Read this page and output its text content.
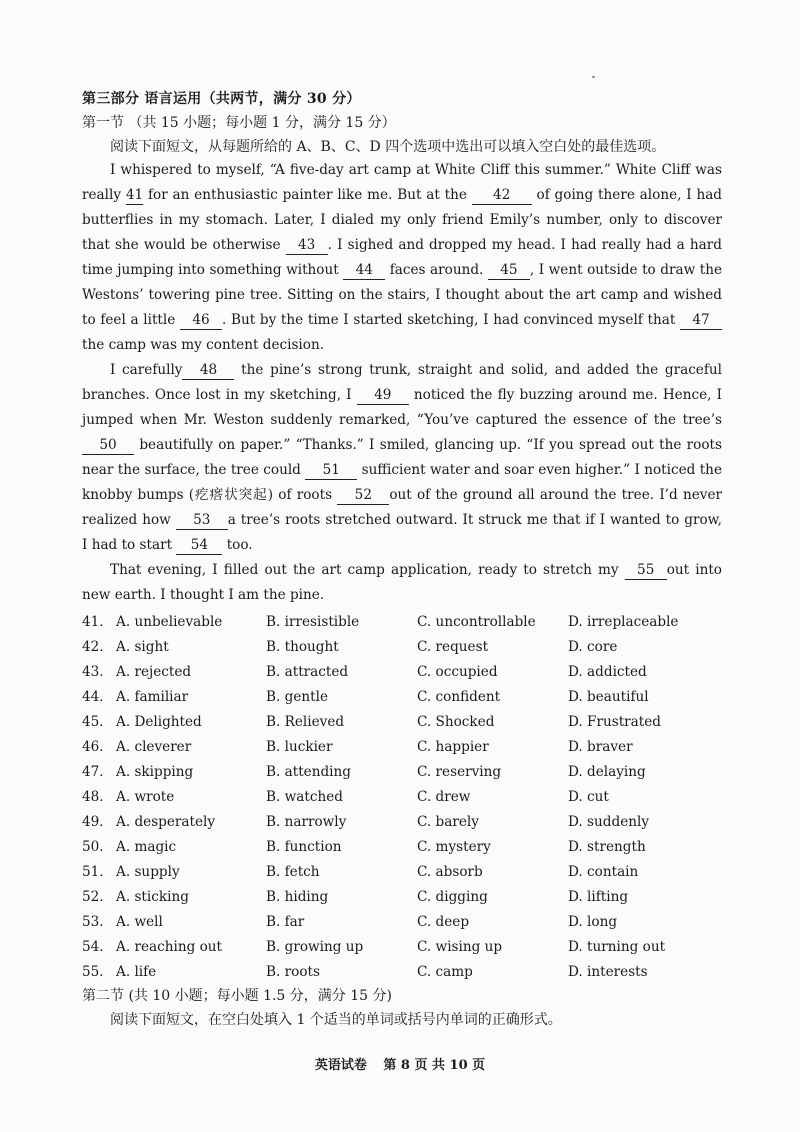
第三部分 语言运用（共两节，满分 30 分）

第一节 （共 15 小题；每小题 1 分，满分 15 分）

阅读下面短文，从每题所给的 A、B、C、D 四个选项中选出可以填入空白处的最佳选项。

I whispered to myself, “A five-day art camp at White Cliff this summer.” White Cliff was really 41 for an enthusiastic painter like me. But at the 42 of going there alone, I had butterflies in my stomach. Later, I dialed my only friend Emily’s number, only to discover that she would be otherwise 43 . I sighed and dropped my head. I had really had a hard time jumping into something without 44 faces around. 45 , I went outside to draw the Westons’ towering pine tree. Sitting on the stairs, I thought about the art camp and wished to feel a little 46 . But by the time I started sketching, I had convinced myself that 47the camp was my content decision.

I carefully 48 the pine’s strong trunk, straight and solid, and added the graceful branches. Once lost in my sketching, I 49 noticed the fly buzzing around me. Hence, I jumped when Mr. Weston suddenly remarked, “You’ve captured the essence of the tree’s50 beautifully on paper.” “Thanks.” I smiled, glancing up. “If you spread out the roots near the surface, the tree could 51 sufficient water and soar even higher.” I noticed the knobby bumps (疙瘩状突起) of roots 52 out of the ground all around the tree. I’d never realized how 53 a tree’s roots stretched outward. It struck me that if I wanted to grow, I had to start 54 too.

That evening, I filled out the art camp application, ready to stretch my 55 out into new earth. I thought I am the pine.

41． A. unbelievable	B. irresistible	C. uncontrollable	D. irreplaceable
42． A. sight	B. thought	C. request	D. core
43． A. rejected	B. attracted	C. occupied	D. addicted
44． A. familiar	B. gentle	C. confident	D. beautiful
45． A. Delighted	B. Relieved	C. Shocked	D. Frustrated
46． A. cleverer	B. luckier	C. happier	D. braver
47． A. skipping	B. attending	C. reserving	D. delaying
48． A. wrote	B. watched	C. drew	D. cut
49． A. desperately	B. narrowly	C. barely	D. suddenly
50． A. magic	B. function	C. mystery	D. strength
51． A. supply	B. fetch	C. absorb	D. contain
52． A. sticking	B. hiding	C. digging	D. lifting
53． A. well	B. far	C. deep	D. long
54． A. reaching out	B. growing up	C. wising up	D. turning out
55． A. life	B. roots	C. camp	D. interests

第二节 (共 10 小题；每小题 1.5 分，满分 15 分)

阅读下面短文，在空白处填入 1 个适当的单词或括号内单词的正确形式。

英语试卷 第 8 页 共 10 页
